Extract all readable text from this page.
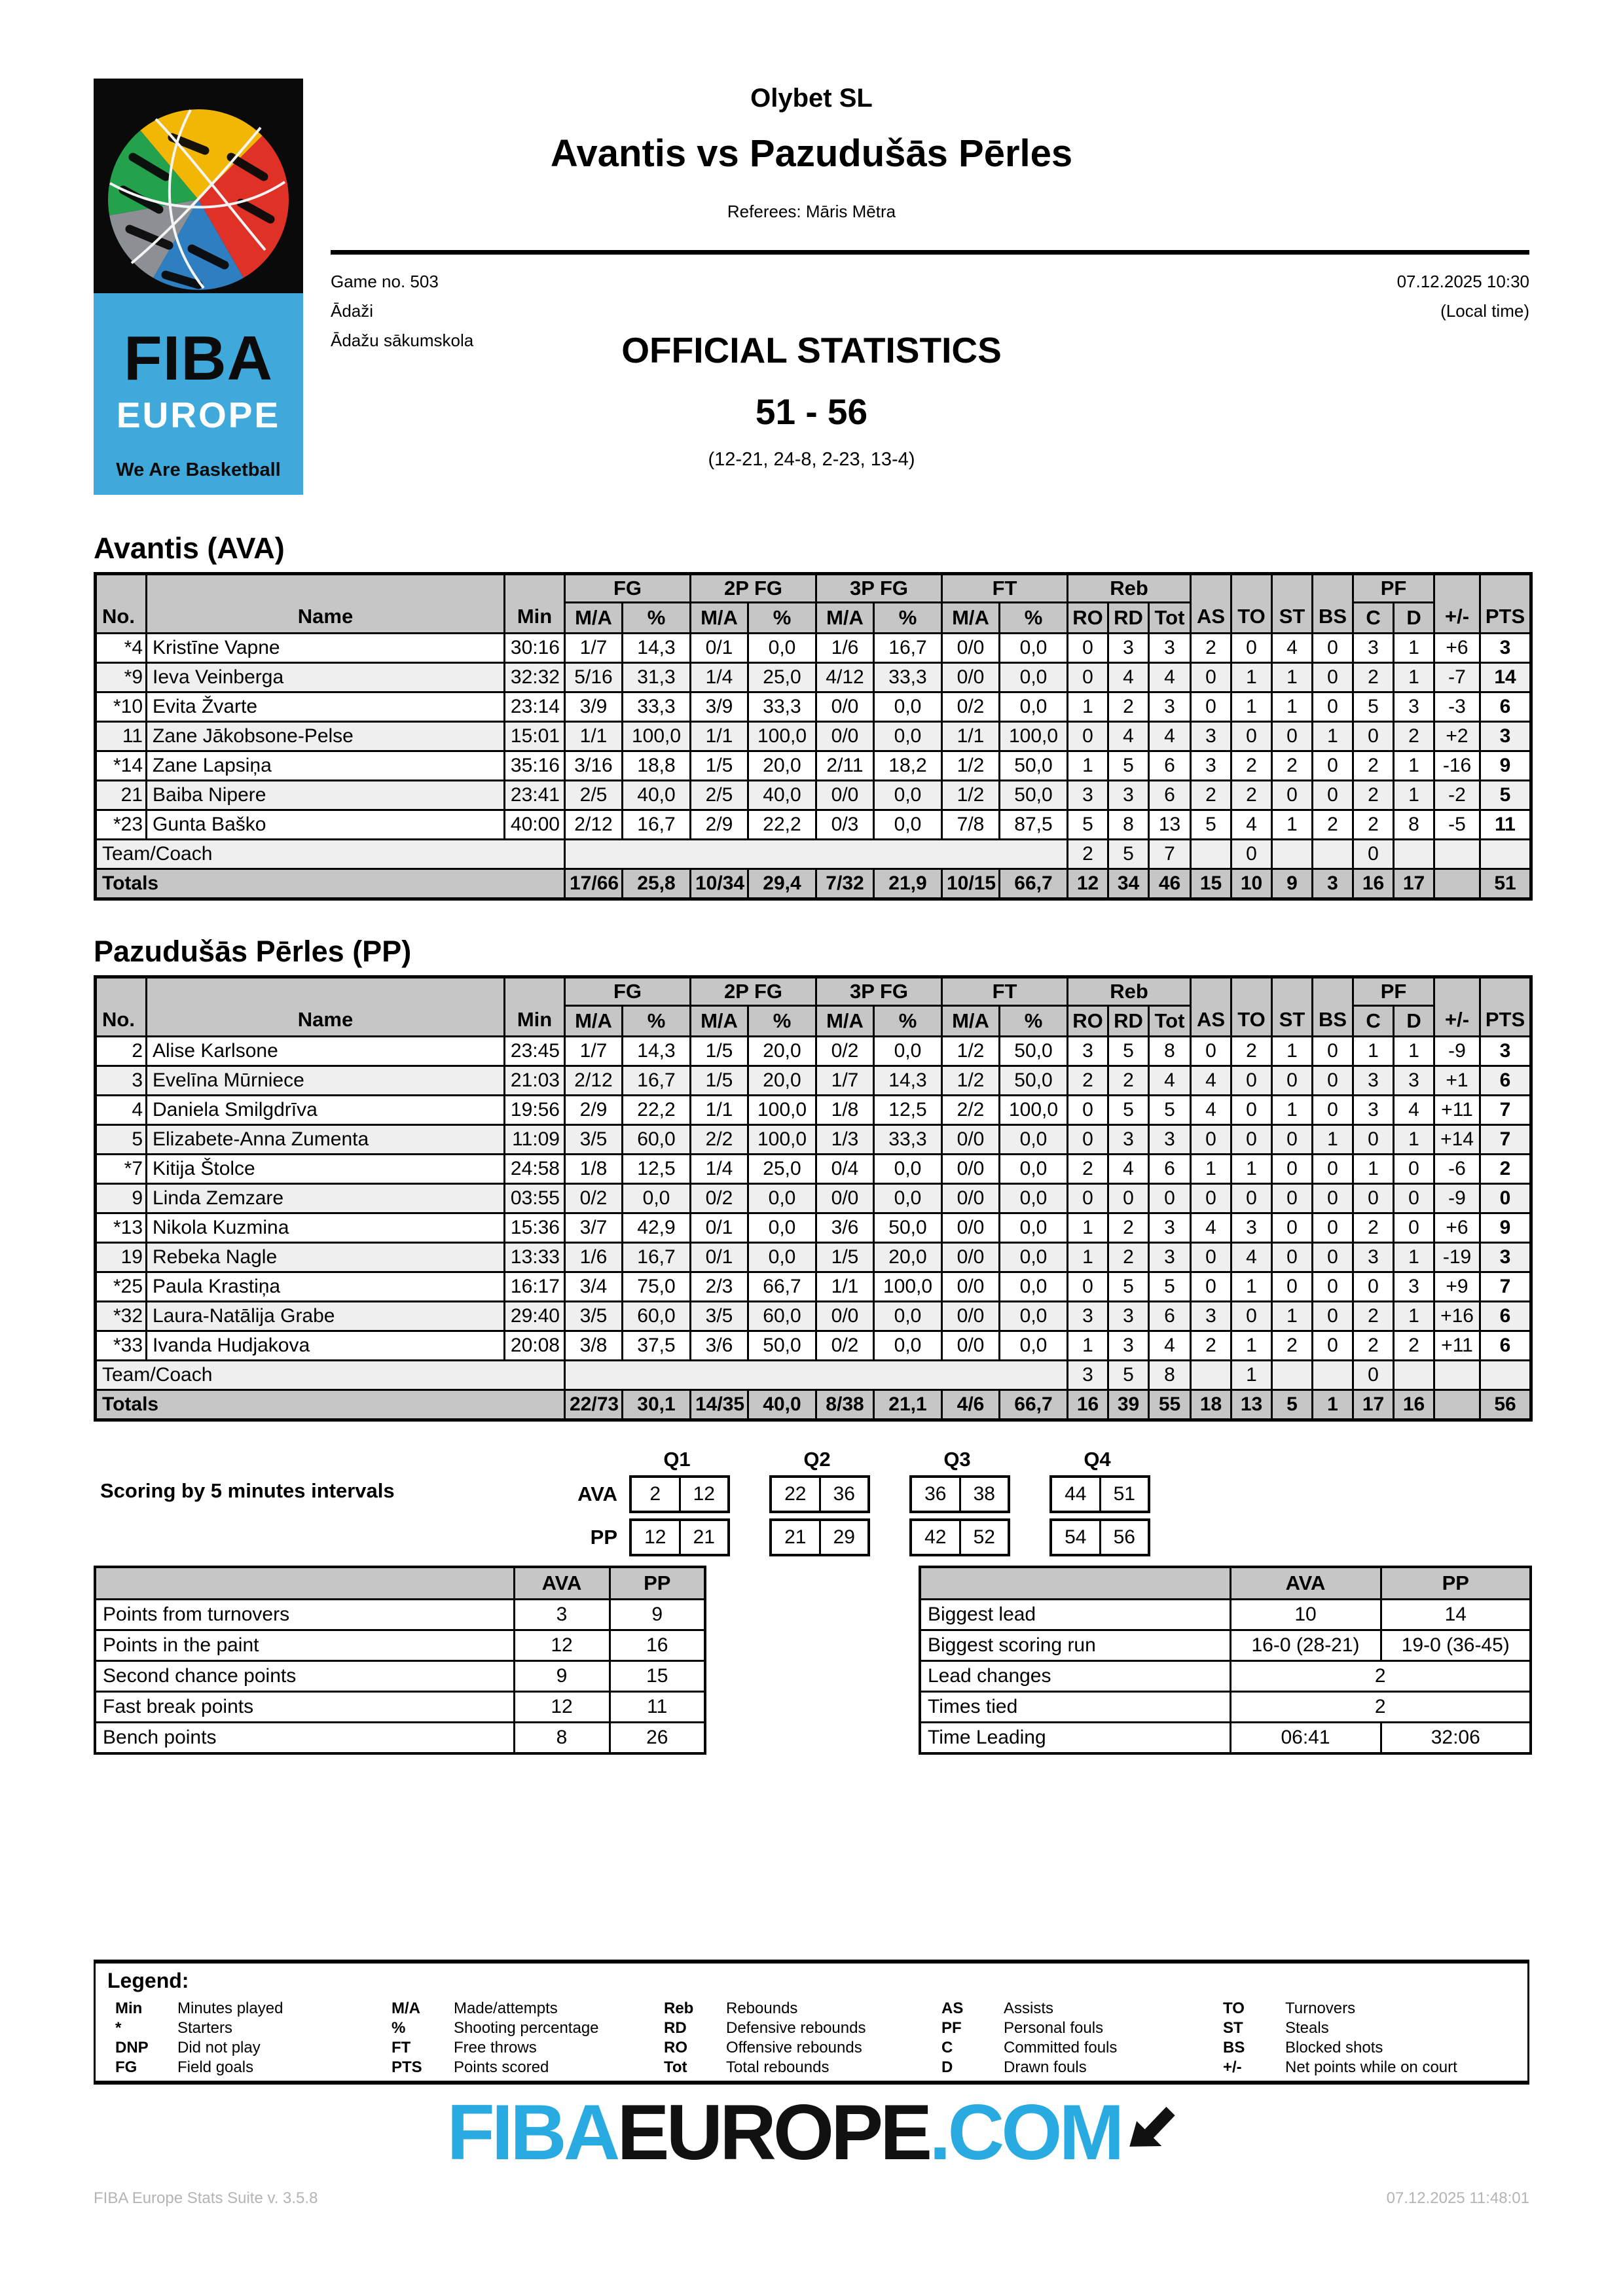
FIBA
EUROPE
We Are Basketball
Olybet SL
Avantis vs Pazudušās Pērles
Referees: Māris Mētra
Game no. 503
Ādaži
Ādažu sākumskola
07.12.2025 10:30
(Local time)
OFFICIAL STATISTICS
51 - 56
(12-21, 24-8, 2-23, 13-4)
Avantis (AVA)
No.	Name	Min	FG		2P FG		3P FG		FT		Reb			AS	TO	ST	BS	PF		+/-	PTS
			M/A	%	M/A	%	M/A	%	M/A	%	RO	RD	Tot					C	D		
*4	Kristīne Vapne	30:16	1/7	14,3	0/1	0,0	1/6	16,7	0/0	0,0	0	3	3	2	0	4	0	3	1	+6	3
*9	Ieva Veinberga	32:32	5/16	31,3	1/4	25,0	4/12	33,3	0/0	0,0	0	4	4	0	1	1	0	2	1	-7	14
*10	Evita Žvarte	23:14	3/9	33,3	3/9	33,3	0/0	0,0	0/2	0,0	1	2	3	0	1	1	0	5	3	-3	6
11	Zane Jākobsone-Pelse	15:01	1/1	100,0	1/1	100,0	0/0	0,0	1/1	100,0	0	4	4	3	0	0	1	0	2	+2	3
*14	Zane Lapsiņa	35:16	3/16	18,8	1/5	20,0	2/11	18,2	1/2	50,0	1	5	6	3	2	2	0	2	1	-16	9
21	Baiba Nipere	23:41	2/5	40,0	2/5	40,0	0/0	0,0	1/2	50,0	3	3	6	2	2	0	0	2	1	-2	5
*23	Gunta Baško	40:00	2/12	16,7	2/9	22,2	0/3	0,0	7/8	87,5	5	8	13	5	4	1	2	2	8	-5	11
Team/Coach											2	5	7		0			0			
Totals			17/66	25,8	10/34	29,4	7/32	21,9	10/15	66,7	12	34	46	15	10	9	3	16	17		51
Pazudušās Pērles (PP)
No.	Name	Min	FG		2P FG		3P FG		FT		Reb			AS	TO	ST	BS	PF		+/-	PTS
			M/A	%	M/A	%	M/A	%	M/A	%	RO	RD	Tot					C	D		
2	Alise Karlsone	23:45	1/7	14,3	1/5	20,0	0/2	0,0	1/2	50,0	3	5	8	0	2	1	0	1	1	-9	3
3	Evelīna Mūrniece	21:03	2/12	16,7	1/5	20,0	1/7	14,3	1/2	50,0	2	2	4	4	0	0	0	3	3	+1	6
4	Daniela Smilgdrīva	19:56	2/9	22,2	1/1	100,0	1/8	12,5	2/2	100,0	0	5	5	4	0	1	0	3	4	+11	7
5	Elizabete-Anna Zumenta	11:09	3/5	60,0	2/2	100,0	1/3	33,3	0/0	0,0	0	3	3	0	0	0	1	0	1	+14	7
*7	Kitija Štolce	24:58	1/8	12,5	1/4	25,0	0/4	0,0	0/0	0,0	2	4	6	1	1	0	0	1	0	-6	2
9	Linda Zemzare	03:55	0/2	0,0	0/2	0,0	0/0	0,0	0/0	0,0	0	0	0	0	0	0	0	0	0	-9	0
*13	Nikola Kuzmina	15:36	3/7	42,9	0/1	0,0	3/6	50,0	0/0	0,0	1	2	3	4	3	0	0	2	0	+6	9
19	Rebeka Nagle	13:33	1/6	16,7	0/1	0,0	1/5	20,0	0/0	0,0	1	2	3	0	4	0	0	3	1	-19	3
*25	Paula Krastiņa	16:17	3/4	75,0	2/3	66,7	1/1	100,0	0/0	0,0	0	5	5	0	1	0	0	0	3	+9	7
*32	Laura-Natālija Grabe	29:40	3/5	60,0	3/5	60,0	0/0	0,0	0/0	0,0	3	3	6	3	0	1	0	2	1	+16	6
*33	Ivanda Hudjakova	20:08	3/8	37,5	3/6	50,0	0/2	0,0	0/0	0,0	1	3	4	2	1	2	0	2	2	+11	6
Team/Coach											3	5	8		1			0			
Totals			22/73	30,1	14/35	40,0	8/38	21,1	4/6	66,7	16	39	55	18	13	5	1	17	16		56
Scoring by 5 minutes intervals
Q1	Q2	Q3	Q4
AVA	2	12	22	36	36	38	44	51
PP	12	21	21	29	42	52	54	56
	AVA	PP
Points from turnovers	3	9
Points in the paint	12	16
Second chance points	9	15
Fast break points	12	11
Bench points	8	26
	AVA	PP
Biggest lead	10	14
Biggest scoring run	16-0 (28-21)	19-0 (36-45)
Lead changes	2	
Times tied	2	
Time Leading	06:41	32:06
Legend:
Min Minutes played
*	Starters
DNP Did not play
FG	Field goals
M/A Made/attempts
%	Shooting percentage
FT	Free throws
PTS Points scored
Reb Rebounds
RD	Defensive rebounds
RO Offensive rebounds
Tot Total rebounds
AS	Assists
PF	Personal fouls
C	Committed fouls
D	Drawn fouls
TO	Turnovers
ST	Steals
BS	Blocked shots
+/-	Net points while on court
FIBA EUROPE .COM
FIBA Europe Stats Suite v. 3.5.8	07.12.2025 11:48:01
